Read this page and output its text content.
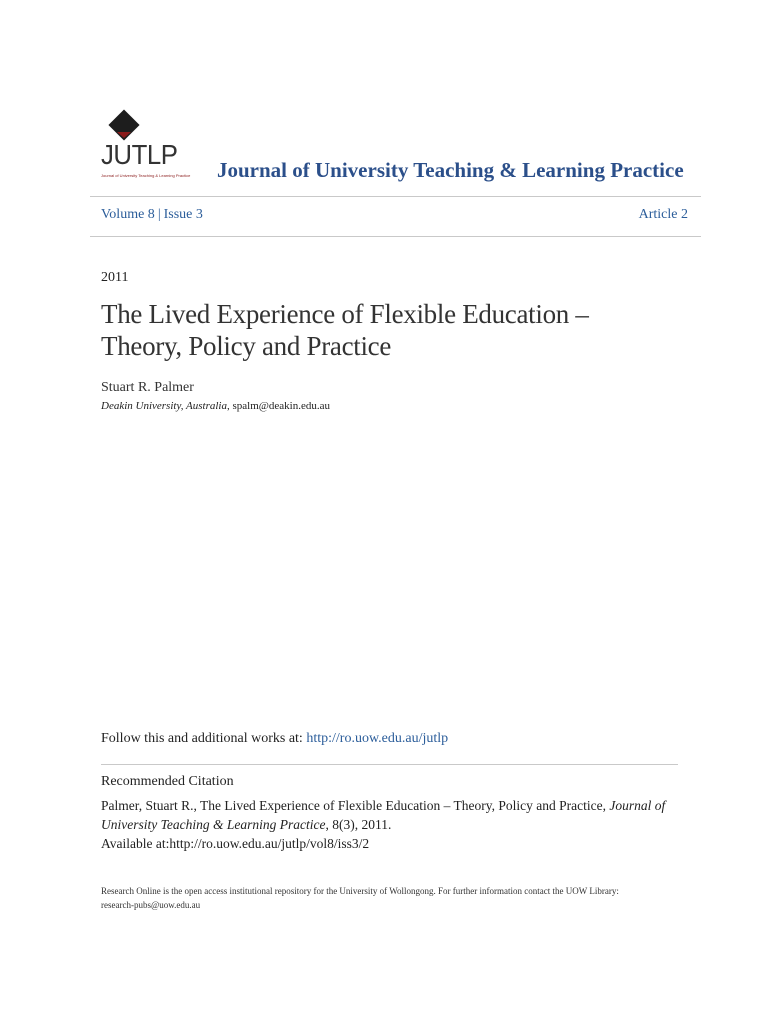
JUTLP
Journal of University Teaching & Learning Practice Journal of University Teaching & Learning Practice
Volume 8 | Issue 3	Article 2
2011
The Lived Experience of Flexible Education –
Theory, Policy and Practice
Stuart R. Palmer
Deakin University, Australia, spalm@deakin.edu.au
Follow this and additional works at: http://ro.uow.edu.au/jutlp
Recommended Citation
Palmer, Stuart R., The Lived Experience of Flexible Education – Theory, Policy and Practice, Journal of University Teaching & Learning Practice, 8(3), 2011.
Available at:http://ro.uow.edu.au/jutlp/vol8/iss3/2
Research Online is the open access institutional repository for the University of Wollongong. For further information contact the UOW Library:
research-pubs@uow.edu.au
